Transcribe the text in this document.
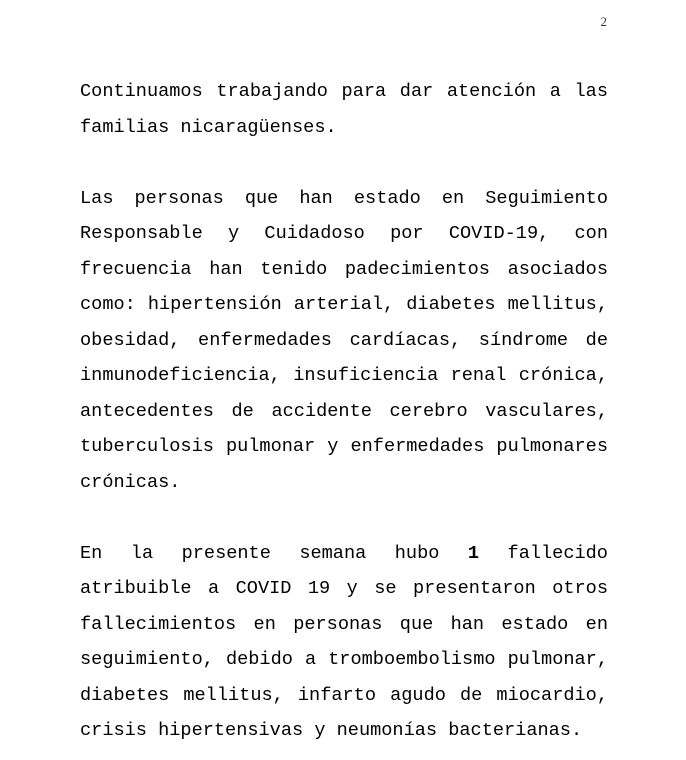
2

Continuamos trabajando para dar atención a las familias nicaragüenses.

Las personas que han estado en Seguimiento Responsable y Cuidadoso por COVID-19, con frecuencia han tenido padecimientos asociados como: hipertensión arterial, diabetes mellitus, obesidad, enfermedades cardíacas, síndrome de inmunodeficiencia, insuficiencia renal crónica, antecedentes de accidente cerebro vasculares, tuberculosis pulmonar y enfermedades pulmonares crónicas.

En la presente semana hubo 1 fallecido atribuible a COVID 19 y se presentaron otros fallecimientos en personas que han estado en seguimiento, debido a tromboembolismo pulmonar, diabetes mellitus, infarto agudo de miocardio, crisis hipertensivas y neumonías bacterianas.
